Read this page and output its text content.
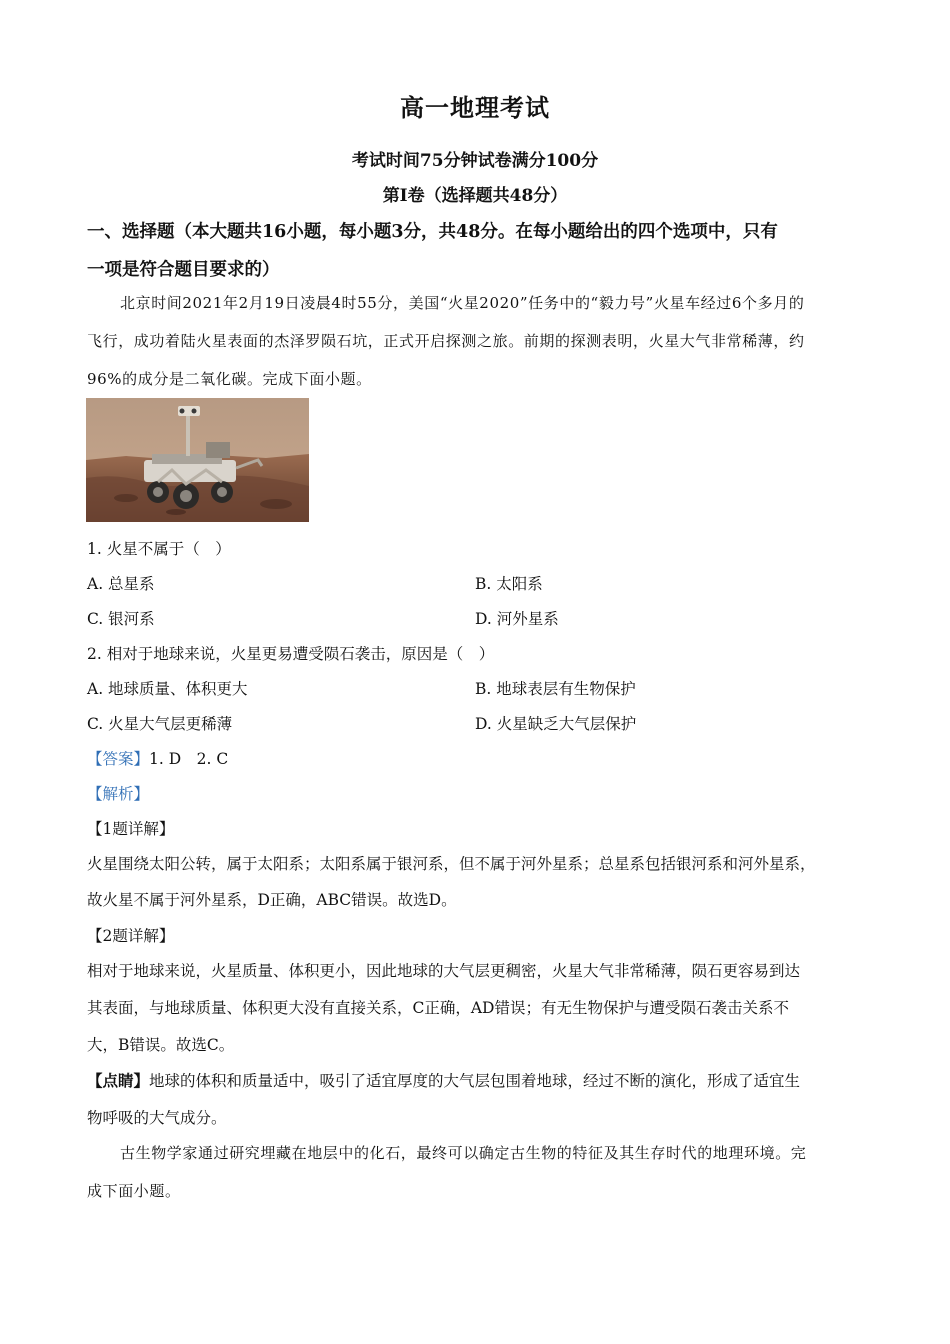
高一地理考试
考试时间75分钟试卷满分100分
第Ⅰ卷（选择题共48分）
一、选择题（本大题共16小题，每小题3分，共48分。在每小题给出的四个选项中，只有
一项是符合题目要求的）
北京时间2021年2月19日凌晨4时55分，美国“火星2020”任务中的“毅力号”火星车经过6个多月的
飞行，成功着陆火星表面的杰泽罗陨石坑，正式开启探测之旅。前期的探测表明，火星大气非常稀薄，约
96%的成分是二氧化碳。完成下面小题。
1. 火星不属于（　）
A. 总星系	B. 太阳系
C. 银河系	D. 河外星系
2. 相对于地球来说，火星更易遭受陨石袭击，原因是（　）
A. 地球质量、体积更大	B. 地球表层有生物保护
C. 火星大气层更稀薄	D. 火星缺乏大气层保护
【答案】1. D　2. C
【解析】
【1题详解】
火星围绕太阳公转，属于太阳系；太阳系属于银河系，但不属于河外星系；总星系包括银河系和河外星系，
故火星不属于河外星系，D正确，ABC错误。故选D。
【2题详解】
相对于地球来说，火星质量、体积更小，因此地球的大气层更稠密，火星大气非常稀薄，陨石更容易到达
其表面，与地球质量、体积更大没有直接关系，C正确，AD错误；有无生物保护与遭受陨石袭击关系不
大，B错误。故选C。
【点睛】地球的体积和质量适中，吸引了适宜厚度的大气层包围着地球，经过不断的演化，形成了适宜生
物呼吸的大气成分。
古生物学家通过研究埋藏在地层中的化石，最终可以确定古生物的特征及其生存时代的地理环境。完
成下面小题。
